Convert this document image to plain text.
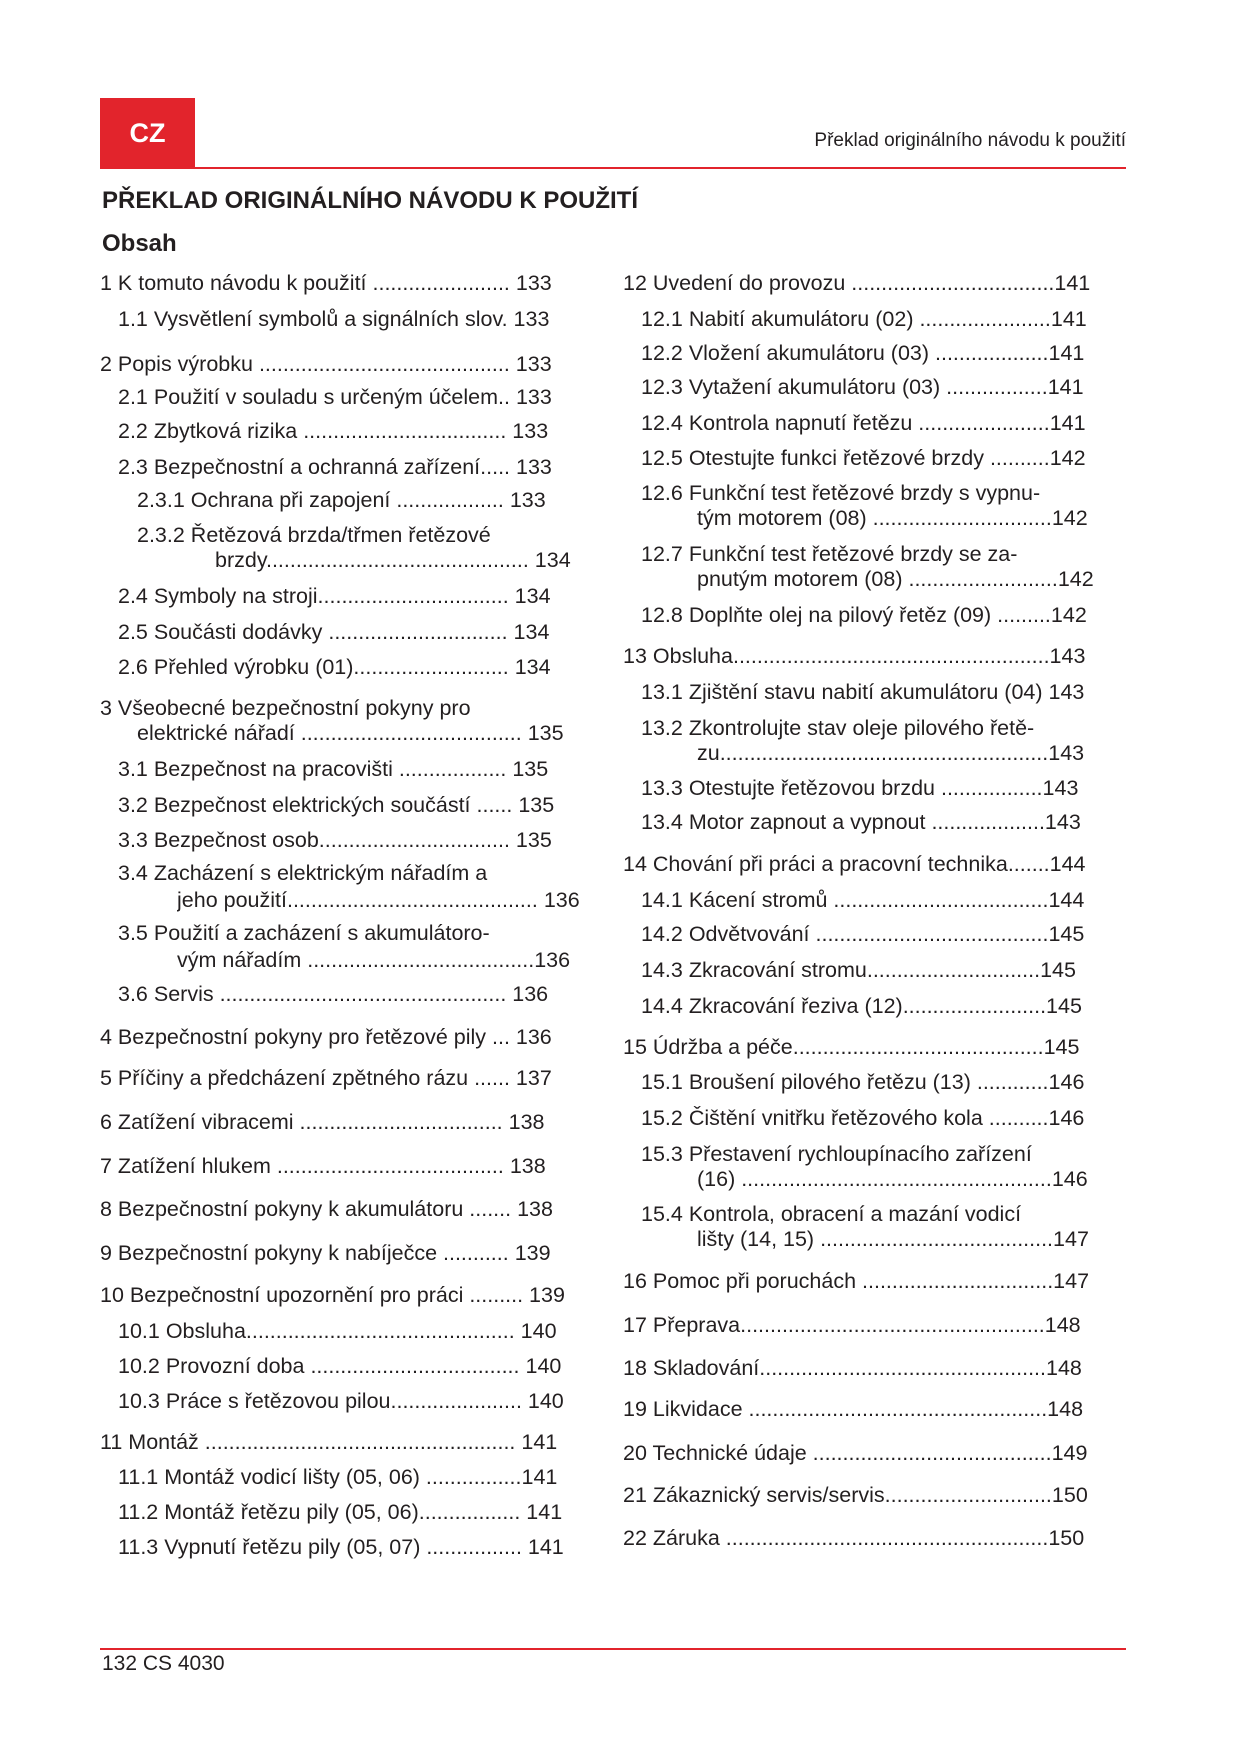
CZ	Překlad originálního návodu k použití
PŘEKLAD ORIGINÁLNÍHO NÁVODU K POUŽITÍ
Obsah
1 K tomuto návodu k použití ....................... 133
1.1 Vysvětlení symbolů a signálních slov. 133
2 Popis výrobku .......................................... 133
2.1 Použití v souladu s určeným účelem.. 133
2.2 Zbytková rizika .................................. 133
2.3 Bezpečnostní a ochranná zařízení..... 133
2.3.1 Ochrana při zapojení .................. 133
2.3.2 Řetězová brzda/třmen řetězové
brzdy............................................ 134
2.4 Symboly na stroji................................ 134
2.5 Součásti dodávky .............................. 134
2.6 Přehled výrobku (01).......................... 134
3 Všeobecné bezpečnostní pokyny pro
elektrické nářadí ..................................... 135
3.1 Bezpečnost na pracovišti .................. 135
3.2 Bezpečnost elektrických součástí ...... 135
3.3 Bezpečnost osob................................ 135
3.4 Zacházení s elektrickým nářadím a
jeho použití.......................................... 136
3.5 Použití a zacházení s akumulátoro-
vým nářadím ......................................136
3.6 Servis ................................................ 136
4 Bezpečnostní pokyny pro řetězové pily ... 136
5 Příčiny a předcházení zpětného rázu ...... 137
6 Zatížení vibracemi .................................. 138
7 Zatížení hlukem ...................................... 138
8 Bezpečnostní pokyny k akumulátoru ....... 138
9 Bezpečnostní pokyny k nabíječce ........... 139
10 Bezpečnostní upozornění pro práci ......... 139
10.1 Obsluha............................................. 140
10.2 Provozní doba ................................... 140
10.3 Práce s řetězovou pilou...................... 140
11 Montáž .................................................... 141
11.1 Montáž vodicí lišty (05, 06) ................141
11.2 Montáž řetězu pily (05, 06)................. 141
11.3 Vypnutí řetězu pily (05, 07) ................ 141
12 Uvedení do provozu ..................................141
12.1 Nabití akumulátoru (02) ......................141
12.2 Vložení akumulátoru (03) ...................141
12.3 Vytažení akumulátoru (03) .................141
12.4 Kontrola napnutí řetězu ......................141
12.5 Otestujte funkci řetězové brzdy ..........142
12.6 Funkční test řetězové brzdy s vypnu-
tým motorem (08) ..............................142
12.7 Funkční test řetězové brzdy se za-
pnutým motorem (08) .........................142
12.8 Doplňte olej na pilový řetěz (09) .........142
13 Obsluha.....................................................143
13.1 Zjištění stavu nabití akumulátoru (04) 143
13.2 Zkontrolujte stav oleje pilového řetě-
zu.......................................................143
13.3 Otestujte řetězovou brzdu .................143
13.4 Motor zapnout a vypnout ...................143
14 Chování při práci a pracovní technika.......144
14.1 Kácení stromů ....................................144
14.2 Odvětvování .......................................145
14.3 Zkracování stromu.............................145
14.4 Zkracování řeziva (12)........................145
15 Údržba a péče..........................................145
15.1 Broušení pilového řetězu (13) ............146
15.2 Čištění vnitřku řetězového kola ..........146
15.3 Přestavení rychloupínacího zařízení
(16) ....................................................146
15.4 Kontrola, obracení a mazání vodicí
lišty (14, 15) .......................................147
16 Pomoc při poruchách ................................147
17 Přeprava...................................................148
18 Skladování................................................148
19 Likvidace ..................................................148
20 Technické údaje ........................................149
21 Zákaznický servis/servis............................150
22 Záruka ......................................................150
132 CS 4030
